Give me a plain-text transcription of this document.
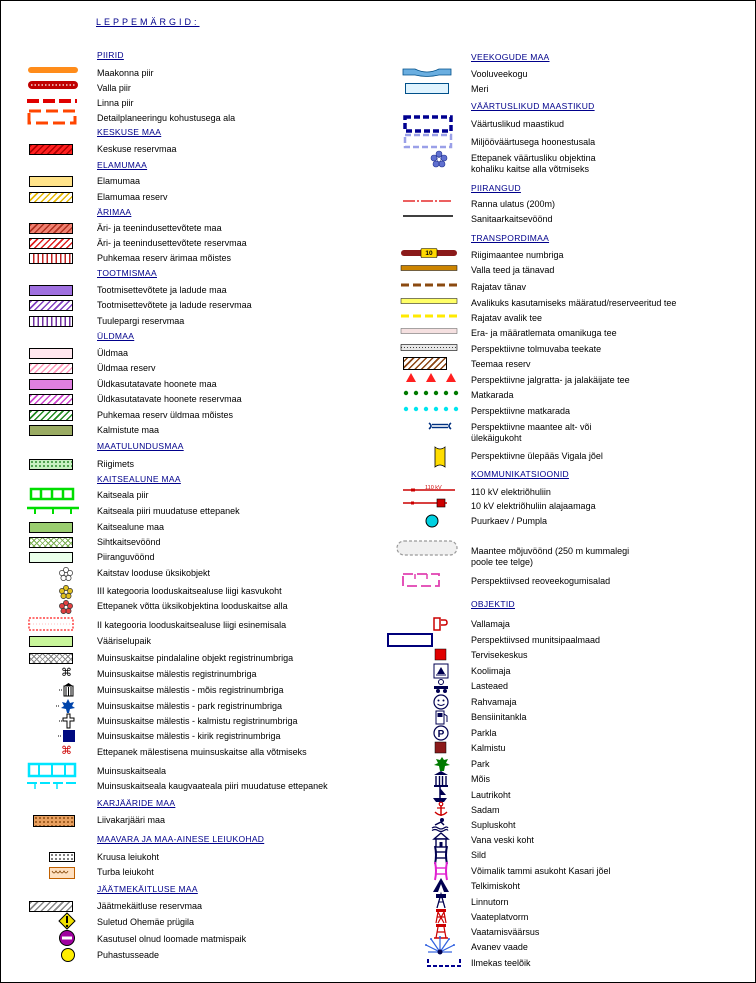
LEPPEMÄRGID:
PIIRID
Maakonna piir
Valla piir
Linna piir
Detailplaneeringu kohustusega ala
KESKUSE MAA
Keskuse reservmaa
ELAMUMAA
Elamumaa
Elamumaa reserv
ÄRIMAA
Äri- ja teenindusettevõtete maa
Äri- ja teenindusettevõtete reservmaa
Puhkemaa reserv ärimaa mõistes
TOOTMISMAA
Tootmisettevõtete ja ladude maa
Tootmisettevõtete ja ladude reservmaa
Tuulepargi reservmaa
ÜLDMAA
Üldmaa
Üldmaa reserv
Üldkasutatavate hoonete maa
Üldkasutatavate hoonete reservmaa
Puhkemaa reserv üldmaa mõistes
Kalmistute maa
MAATULUNDUSMAA
Riigimets
KAITSEALUNE MAA
Kaitseala piir
Kaitseala piiri muudatuse ettepanek
Kaitsealune maa
Sihtkaitsevöönd
Piiranguvöönd
Kaitstav looduse üksikobjekt
III kategooria looduskaitsealuse liigi kasvukoht
Ettepanek võtta üksikobjektina looduskaitse alla
II kategooria looduskaitsealuse liigi esinemisala
Vääriselupaik
Muinsuskaitse pindalaline objekt registrinumbriga
⌘	Muinsuskaitse mälestis registrinumbriga
Muinsuskaitse mälestis - mõis registrinumbriga
Muinsuskaitse mälestis - park registrinumbriga
Muinsuskaitse mälestis - kalmistu registrinumbriga
Muinsuskaitse mälestis - kirik registrinumbriga
⌘	Ettepanek mälestisena muinsuskaitse alla võtmiseks
Muinsuskaitseala
Muinsuskaitseala kaugvaateala piiri muudatuse ettepanek
KARJÄÄRIDE MAA
Liivakarjääri maa
MAAVARA JA MAA-AINESE LEIUKOHAD
Kruusa leiukoht
Turba leiukoht
JÄÄTMEKÄITLUSE MAA
Jäätmekäitluse reservmaa
Suletud Ohemäe prügila
Kasutusel olnud loomade matmispaik
Puhastusseade
VEEKOGUDE MAA
Vooluveekogu
Meri
VÄÄRTUSLIKUD MAASTIKUD
Väärtuslikud maastikud
Miljööväärtusega hoonestusala
Ettepanek väärtusliku objektina kohaliku kaitse alla võtmiseks
PIIRANGUD
Ranna ulatus (200m)
Sanitaarkaitsevöönd
TRANSPORDIMAA
10	Riigimaantee numbriga
Valla teed ja tänavad
Rajatav tänav
Avalikuks kasutamiseks määratud/reserveeritud tee
Rajatav avalik tee
Era- ja määratlemata omanikuga tee
Perspektiivne tolmuvaba teekate
Teemaa reserv
Perspektiivne jalgratta- ja jalakäijate tee
Matkarada
Perspektiivne matkarada
Perspektiivne maantee alt- või ülekäigukoht
Perspektiivne ülepääs Vigala jõel
KOMMUNIKATSIOONID
110 kV	110 kV elektriõhuliin
10 kV elektriõhuliin alajaamaga
Puurkaev / Pumpla
Maantee mõjuvöönd (250 m kummalegi poole tee telge)
Perspektiivsed reoveekogumisalad
OBJEKTID
Vallamaja
Perspektiivsed munitsipaalmaad
Tervisekeskus
Koolimaja
Lasteaed
Rahvamaja
Bensiinitankla
P	Parkla
Kalmistu
Park
Mõis
Lautrikoht
Sadam
Supluskoht
Vana veski koht
Sild
Võimalik tammi asukoht Kasari jõel
Telkimiskoht
Linnutorn
Vaateplatvorm
Vaatamisväärsus
Avanev vaade
Ilmekas teelõik
